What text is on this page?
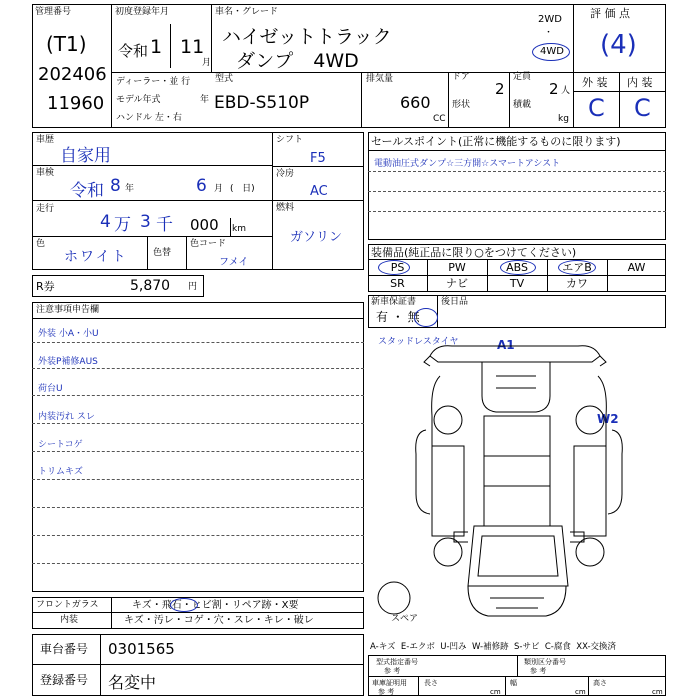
管理番号
(T1)
202406
11960
初度登録年月
令和 1 11
月
車名・グレード
ハイゼットトラック
ダンプ 4WD
2WD
・
4WD
評 価 点
(4)
外 装 内 装
C C
ディーラー・並 行
モデル年式	年
ハンドル 左・右
型式
EBD-S510P
排気量
660
CC
ドア
2
形状
定員
2 人
積載
kg
車歴
自家用
車検
令和 8 年	6 月 (   日)
走行
4 万 3 千 000 km
色
ホワイト	色替
色コード
フメイ
シフト
F5
冷房
AC
燃料
ガソリン
R券	5,870 円
セールスポイント(正常に機能するものに限ります)
電動油圧式ダンプ☆三方開☆スマートアシスト
装備品(純正品に限り○をつけてください)
PS	PW	ABS	エアB	AW
SR	ナビ	TV	カワ
新車保証書
有 ・ 無
後日品
注意事項申告欄
外装 小A・小U
外装P補修AUS
荷台U
内装汚れ スレ
シートコゲ
トリムキズ
スタッドレスタイヤ	A1
W2
スペア
フロントガラス	キズ・飛石・ヒビ割・リペア跡・X要
内装	キズ・汚レ・コゲ・穴・スレ・キレ・破レ
車台番号 0301565
登録番号 名変中
A-キズ  E-エクボ  U-凹み  W-補修跡  S-サビ  C-腐食  XX-交換済
型式指定番号
参 考
類別区分番号
参 考
車庫証明用
参 考
長さ
cm
幅
cm
高さ
cm
